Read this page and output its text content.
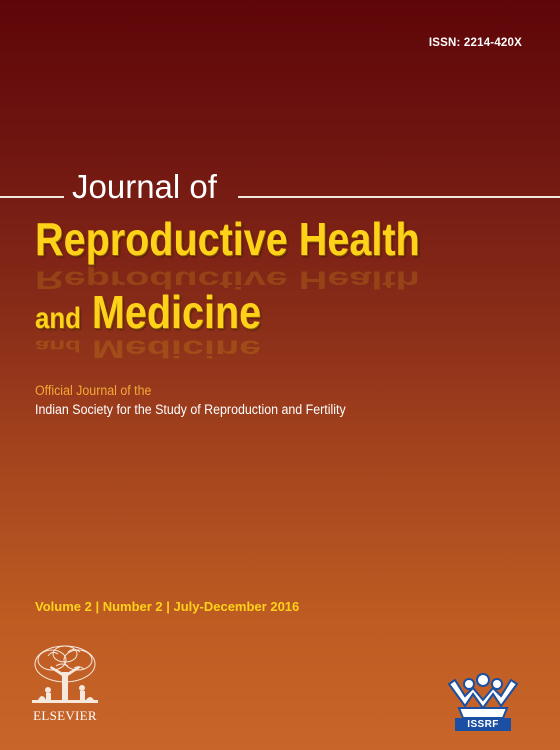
ISSN: 2214-420X
Journal of
Reproductive Health
and Medicine
Reproductive Health
and Medicine
Official Journal of the
Indian Society for the Study of Reproduction and Fertility
Volume 2 | Number 2 | July-December 2016
ELSEVIER
ISSRF
